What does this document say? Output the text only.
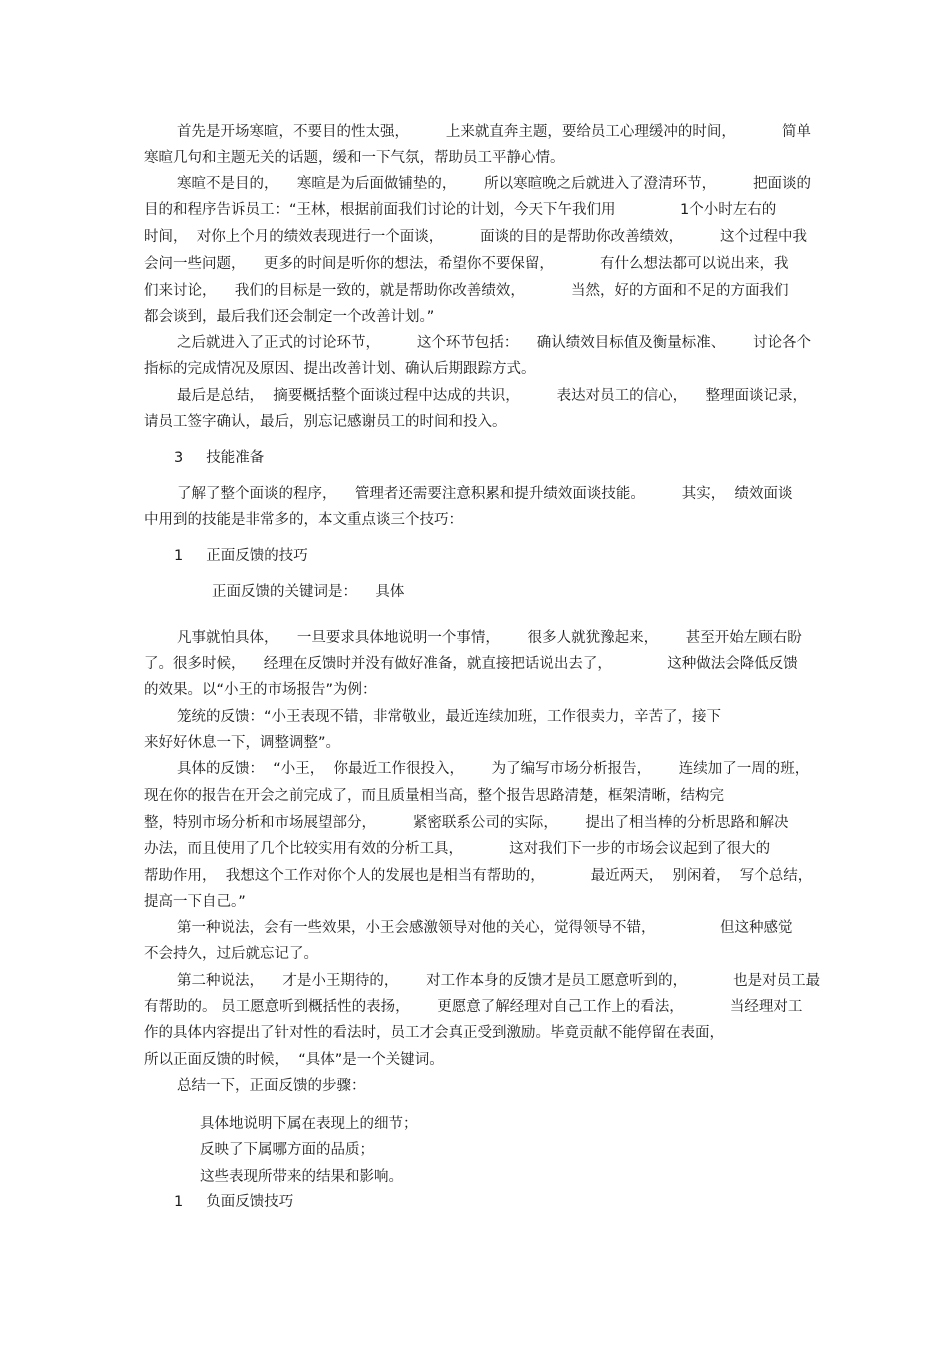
首先是开场寒暄，不要目的性太强，        上来就直奔主题，要给员工心理缓冲的时间，          简单
寒暄几句和主题无关的话题，缓和一下气氛，帮助员工平静心情。
寒暄不是目的，    寒暄是为后面做铺垫的，      所以寒暄晚之后就进入了澄清环节，        把面谈的
目的和程序告诉员工：“王林，根据前面我们讨论的计划，今天下午我们用              1个小时左右的
时间，  对你上个月的绩效表现进行一个面谈，        面谈的目的是帮助你改善绩效，        这个过程中我
会问一些问题，    更多的时间是听你的想法，希望你不要保留，          有什么想法都可以说出来，我
们来讨论，    我们的目标是一致的，就是帮助你改善绩效，          当然，好的方面和不足的方面我们
都会谈到，最后我们还会制定一个改善计划。”
之后就进入了正式的讨论环节，        这个环节包括：    确认绩效目标值及衡量标准、      讨论各个
指标的完成情况及原因、提出改善计划、确认后期跟踪方式。
最后是总结，  摘要概括整个面谈过程中达成的共识，        表达对员工的信心，    整理面谈记录，
请员工签字确认，最后，别忘记感谢员工的时间和投入。
3     技能准备
了解了整个面谈的程序，    管理者还需要注意积累和提升绩效面谈技能。        其实，  绩效面谈
中用到的技能是非常多的，本文重点谈三个技巧：
1     正面反馈的技巧
正面反馈的关键词是：    具体
凡事就怕具体，    一旦要求具体地说明一个事情，      很多人就犹豫起来，      甚至开始左顾右盼
了。很多时候，    经理在反馈时并没有做好准备，就直接把话说出去了，            这种做法会降低反馈
的效果。以“小王的市场报告”为例：
笼统的反馈：“小王表现不错，非常敬业，最近连续加班，工作很卖力，辛苦了，接下
来好好休息一下，调整调整”。
具体的反馈：  “小王，  你最近工作很投入，      为了编写市场分析报告，      连续加了一周的班，
现在你的报告在开会之前完成了，而且质量相当高，整个报告思路清楚，框架清晰，结构完
整，特别市场分析和市场展望部分，        紧密联系公司的实际，      提出了相当棒的分析思路和解决
办法，而且使用了几个比较实用有效的分析工具，          这对我们下一步的市场会议起到了很大的
帮助作用，  我想这个工作对你个人的发展也是相当有帮助的，          最近两天，  别闲着，  写个总结，
提高一下自己。”
第一种说法，会有一些效果，小王会感激领导对他的关心，觉得领导不错，              但这种感觉
不会持久，过后就忘记了。
第二种说法，    才是小王期待的，      对工作本身的反馈才是员工愿意听到的，          也是对员工最
有帮助的。 员工愿意听到概括性的表扬，      更愿意了解经理对自己工作上的看法，          当经理对工
作的具体内容提出了针对性的看法时，员工才会真正受到激励。毕竟贡献不能停留在表面，
所以正面反馈的时候，  “具体”是一个关键词。
总结一下，正面反馈的步骤：
具体地说明下属在表现上的细节；
反映了下属哪方面的品质；
这些表现所带来的结果和影响。
1     负面反馈技巧
